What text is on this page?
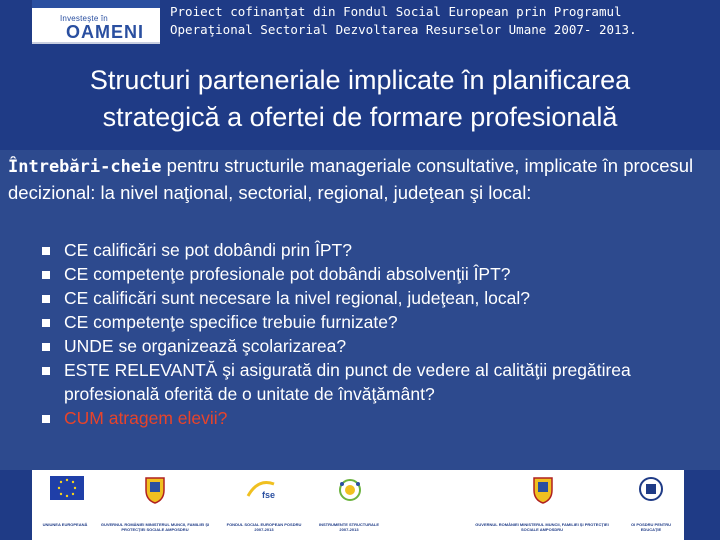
Investeşte în
OAMENI
Proiect cofinanţat din Fondul Social European prin Programul
Operaţional Sectorial Dezvoltarea Resurselor Umane 2007- 2013.
Structuri parteneriale implicate în planificarea
strategică a ofertei de formare profesională
Întrebări-cheie pentru structurile manageriale consultative, implicate în procesul decizional: la nivel naţional, sectorial, regional, judeţean şi local:
CE calificări se pot dobândi prin ÎPT?
CE competenţe profesionale pot dobândi absolvenţii ÎPT?
CE calificări sunt necesare la nivel regional, judeţean, local?
CE competenţe specifice trebuie furnizate?
UNDE se organizează şcolarizarea?
ESTE RELEVANTĂ şi asigurată din punct de vedere al calităţii pregătirea profesională oferită de o unitate de învăţământ?
CUM atragem elevii?
fse
UNIUNEA EUROPEANĂ	GUVERNUL ROMÂNIEI MINISTERUL MUNCII, FAMILIEI ŞI PROTECŢIEI SOCIALE AMPOSDRU
FONDUL SOCIAL EUROPEAN POSDRU 2007-2013
INSTRUMENTE STRUCTURALE 2007-2013
GUVERNUL ROMÂNIEI MINISTERUL MUNCII, FAMILIEI ŞI PROTECŢIEI SOCIALE AMPOSDRU
OI POSDRU PENTRU EDUCAŢIE
